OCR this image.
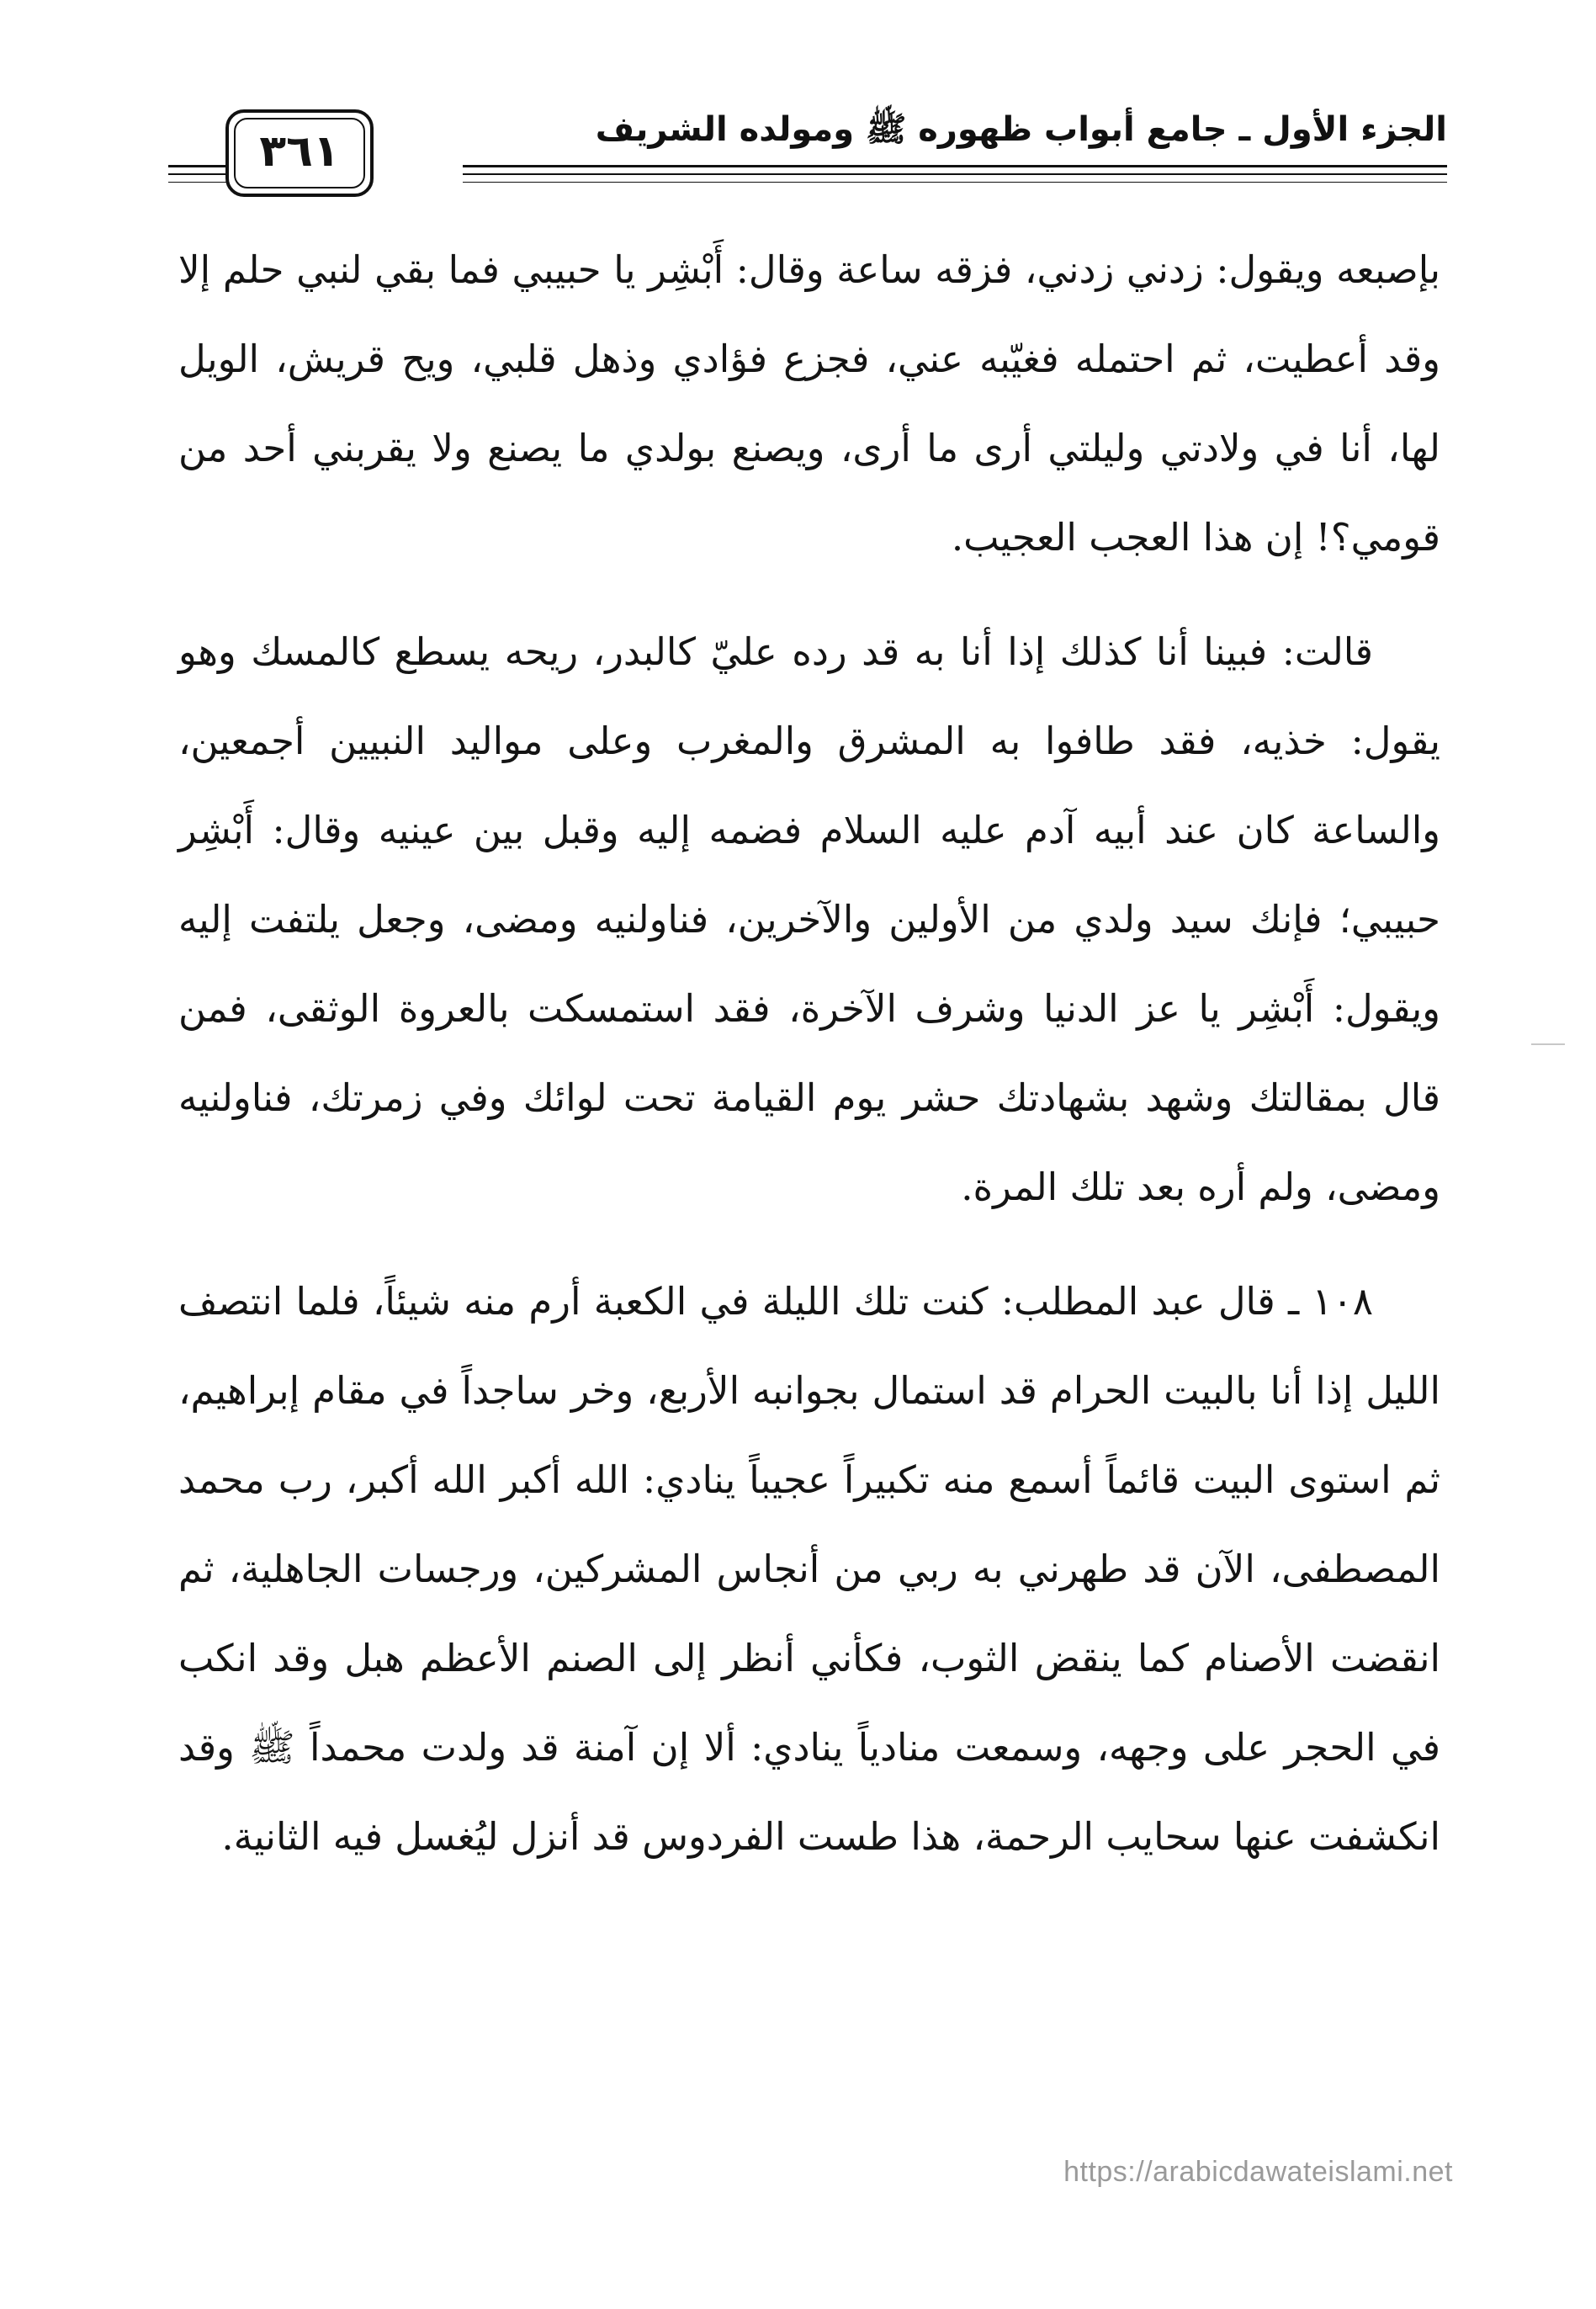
الجزء الأول ـ جامع أبواب ظهوره ﷺ ومولده الشريف
٣٦١

بإصبعه ويقول: زدني زدني، فزقه ساعة وقال: أَبْشِر يا حبيبي فما بقي لنبي حلم إلا وقد أعطيت، ثم احتمله فغيّبه عني، فجزع فؤادي وذهل قلبي، ويح قريش، الويل لها، أنا في ولادتي وليلتي أرى ما أرى، ويصنع بولدي ما يصنع ولا يقربني أحد من قومي؟! إن هذا العجب العجيب.

قالت: فبينا أنا كذلك إذا أنا به قد رده عليّ كالبدر، ريحه يسطع كالمسك وهو يقول: خذيه، فقد طافوا به المشرق والمغرب وعلى مواليد النبيين أجمعين، والساعة كان عند أبيه آدم عليه السلام فضمه إليه وقبل بين عينيه وقال: أَبْشِر حبيبي؛ فإنك سيد ولدي من الأولين والآخرين، فناولنيه ومضى، وجعل يلتفت إليه ويقول: أَبْشِر يا عز الدنيا وشرف الآخرة، فقد استمسكت بالعروة الوثقى، فمن قال بمقالتك وشهد بشهادتك حشر يوم القيامة تحت لوائك وفي زمرتك، فناولنيه ومضى، ولم أره بعد تلك المرة.

١٠٨ ـ قال عبد المطلب: كنت تلك الليلة في الكعبة أرم منه شيئاً، فلما انتصف الليل إذا أنا بالبيت الحرام قد استمال بجوانبه الأربع، وخر ساجداً في مقام إبراهيم، ثم استوى البيت قائماً أسمع منه تكبيراً عجيباً ينادي: الله أكبر الله أكبر، رب محمد المصطفى، الآن قد طهرني به ربي من أنجاس المشركين، ورجسات الجاهلية، ثم انقضت الأصنام كما ينقض الثوب، فكأني أنظر إلى الصنم الأعظم هبل وقد انكب في الحجر على وجهه، وسمعت منادياً ينادي: ألا إن آمنة قد ولدت محمداً ﷺ وقد انكشفت عنها سحايب الرحمة، هذا طست الفردوس قد أنزل ليُغسل فيه الثانية.

https://arabicdawateislami.net
